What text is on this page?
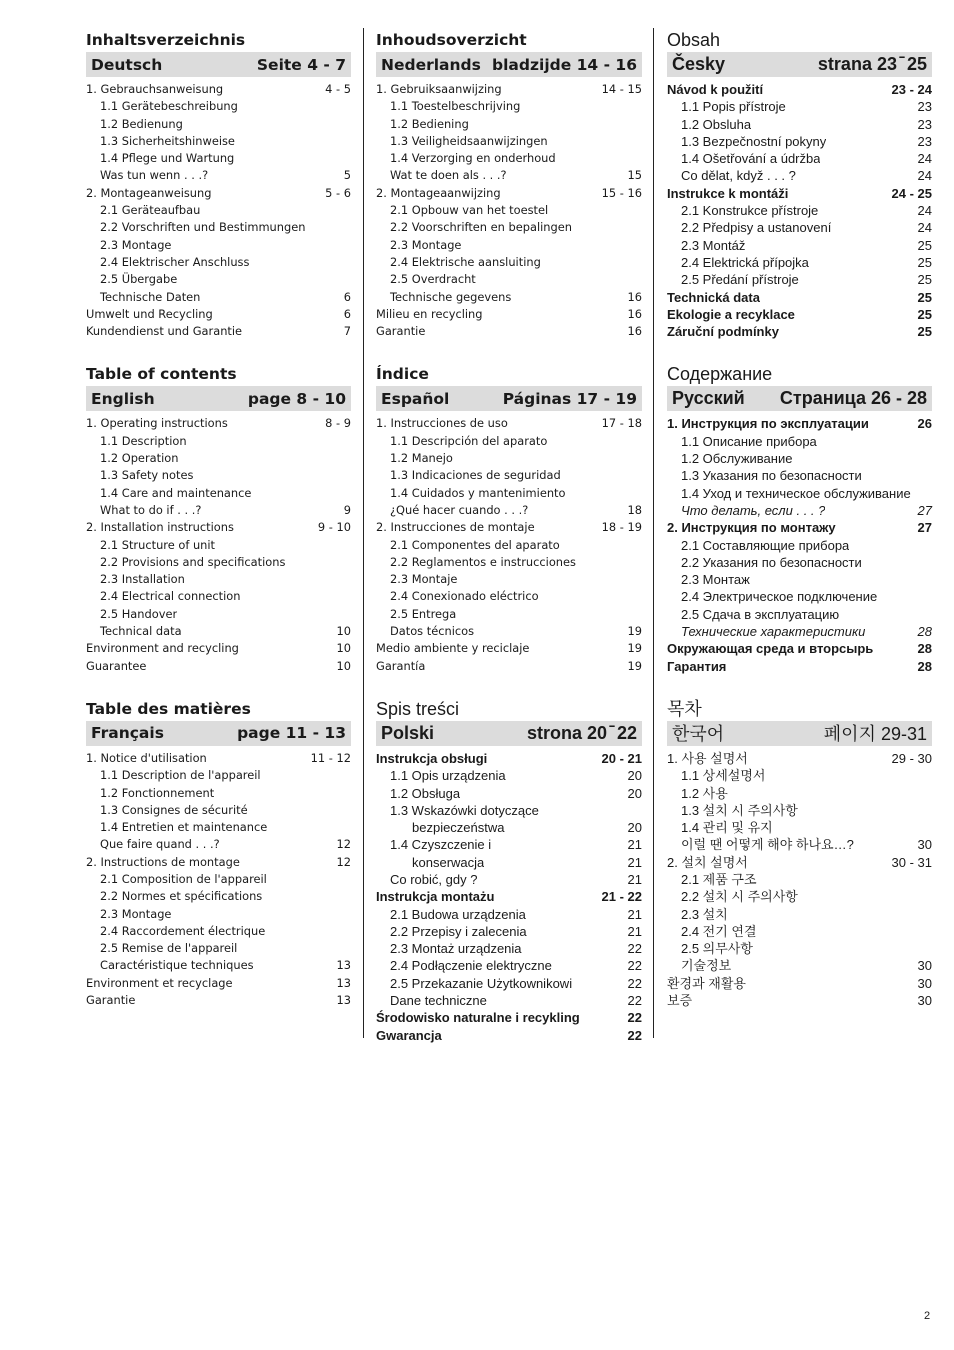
Inhaltsverzeichnis
Deutsch	Seite 4 - 7
1. Gebrauchsanweisung	4 - 5
1.1 Gerätebeschreibung
1.2 Bedienung
1.3 Sicherheitshinweise
1.4 Pflege und Wartung
Was tun wenn . . .?	5
2. Montageanweisung	5 - 6
2.1 Geräteaufbau
2.2 Vorschriften und Bestimmungen
2.3 Montage
2.4 Elektrischer Anschluss
2.5 Übergabe
Technische Daten	6
Umwelt und Recycling	6
Kundendienst und Garantie	7
Table of contents
English	page 8 - 10
1. Operating instructions	8 - 9
1.1 Description
1.2 Operation
1.3 Safety notes
1.4 Care and maintenance
What to do if . . .?	9
2. Installation instructions	9 - 10
2.1 Structure of unit
2.2 Provisions and specifications
2.3 Installation
2.4 Electrical connection
2.5 Handover
Technical data	10
Environment and recycling	10
Guarantee	10
Table des matières
Français	page 11 - 13
1. Notice d'utilisation	11 - 12
1.1 Description de l'appareil
1.2 Fonctionnement
1.3 Consignes de sécurité
1.4 Entretien et maintenance
Que faire quand . . .?	12
2. Instructions de montage	12
2.1 Composition de l'appareil
2.2 Normes et spécifications
2.3 Montage
2.4 Raccordement électrique
2.5 Remise de l'appareil
Caractéristique techniques	13
Environment et recyclage	13
Garantie	13
Inhoudsoverzicht
Nederlands bladzijde 14 - 16
1. Gebruiksaanwijzing	14 - 15
1.1 Toestelbeschrijving
1.2 Bediening
1.3 Veiligheidsaanwijzingen
1.4 Verzorging en onderhoud
Wat te doen als . . .?	15
2. Montageaanwijzing	15 - 16
2.1 Opbouw van het toestel
2.2 Voorschriften en bepalingen
2.3 Montage
2.4 Elektrische aansluiting
2.5 Overdracht
Technische gegevens	16
Milieu en recycling	16
Garantie	16
Índice
Español	Páginas 17 - 19
1. Instrucciones de uso	17 - 18
1.1 Descripción del aparato
1.2 Manejo
1.3 Indicaciones de seguridad
1.4 Cuidados y mantenimiento
¿Qué hacer cuando . . .?	18
2. Instrucciones de montaje	18 - 19
2.1 Componentes del aparato
2.2 Reglamentos e instrucciones
2.3 Montaje
2.4 Conexionado eléctrico
2.5 Entrega
Datos técnicos	19
Medio ambiente y reciclaje	19
Garantía	19
Spis treści
Polski	strona 20 ̄ 22
Instrukcja obsługi	20 - 21
1.1 Opis urządzenia	20
1.2 Obsługa	20
1.3 Wskazówki dotyczące
bezpieczeństwa	20
1.4 Czyszczenie i	21
konserwacja	21
Co robić, gdy ?	21
Instrukcja montażu	21 - 22
2.1 Budowa urządzenia	21
2.2 Przepisy i zalecenia	21
2.3 Montaż urządzenia	22
2.4 Podłączenie elektryczne	22
2.5 Przekazanie Użytkownikowi	22
Dane techniczne	22
Środowisko naturalne i recykling	22
Gwarancja	22
Obsah
Česky	strana 23 ̄ 25
Návod k použití	23 - 24
1.1 Popis přístroje	23
1.2 Obsluha	23
1.3 Bezpečnostní pokyny	23
1.4 Ošetřování a údržba	24
Co dělat, když . . . ?	24
Instrukce k montáži	24 - 25
2.1 Konstrukce přístroje	24
2.2 Předpisy a ustanovení	24
2.3 Montáž	25
2.4 Elektrická přípojka	25
2.5 Předání přístroje	25
Technická data	25
Ekologie a recyklace	25
Záruční podmínky	25
Содержание
Русский Страница 26 - 28
1. Инструкция по эксплуатации	26
1.1 Описание прибора
1.2 Обслуживание
1.3 Указания по безопасности
1.4 Уход и техническое обслуживание
Что делать, если . . . ?	27
2. Инструкция по монтажу	27
2.1 Составляющие прибора
2.2 Указания по безопасности
2.3 Монтаж
2.4 Электрическое подключение
2.5 Сдача в эксплуатацию
Технические характеристики	28
Окружающая среда и вторсырь	28
Гарантия	28
목차
한국어	페이지 29-31
1. 사용 설명서	29 - 30
1.1 상세설명서
1.2 사용
1.3 설치 시 주의사항
1.4 관리 및 유지
이럴 땐 어떻게 해야 하나요…?	30
2. 설치 설명서	30 - 31
2.1 제품 구조
2.2 설치 시 주의사항
2.3 설치
2.4 전기 연결
2.5 의무사항
기술정보	30
환경과 재활용	30
보증	30
2
